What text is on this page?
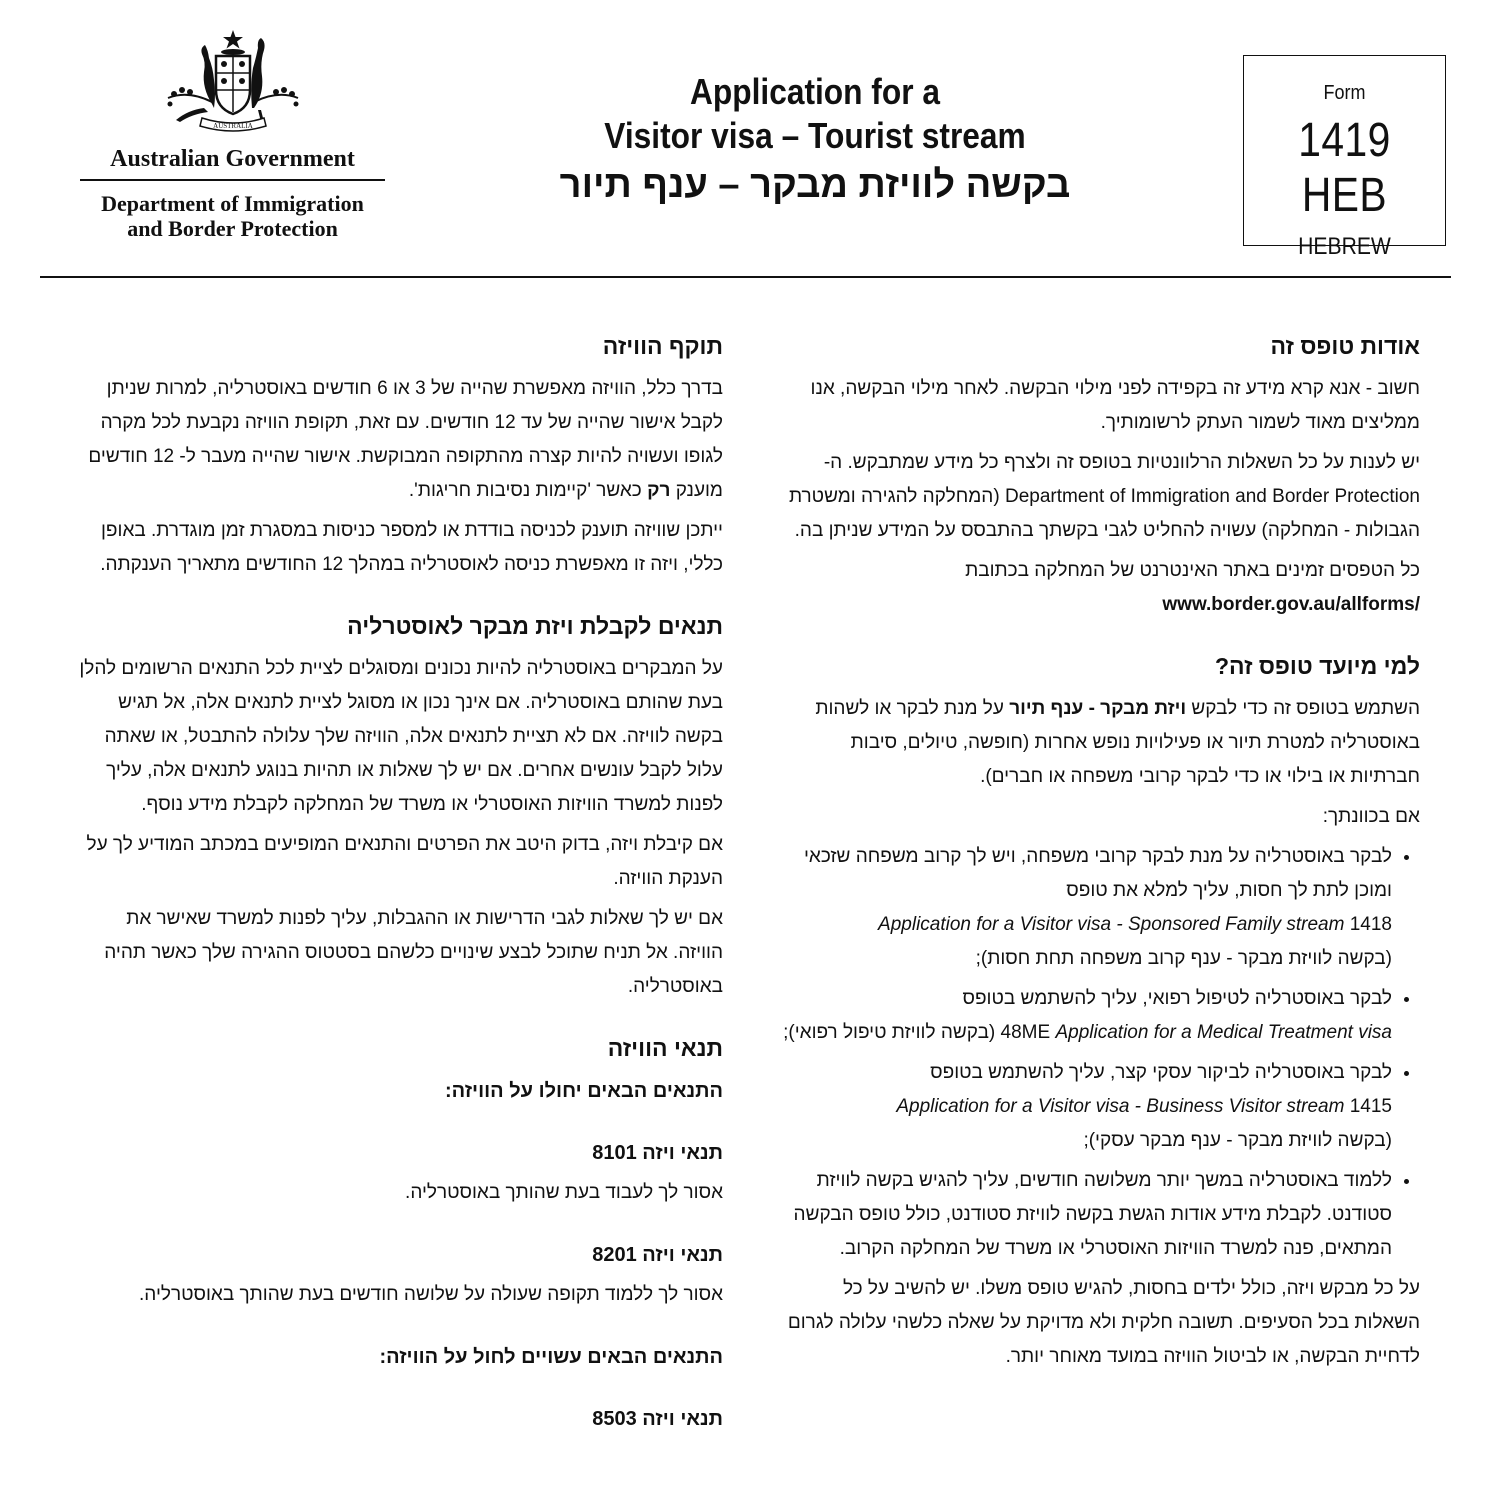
AUSTRALIA
Australian Government
Department of Immigration
and Border Protection
Application for a
Visitor visa – Tourist stream
בקשה לוויזת מבקר – ענף תיור
Form
1419 HEB
HEBREW
אודות טופס זה

חשוב - אנא קרא מידע זה בקפידה לפני מילוי הבקשה. לאחר מילוי הבקשה, אנו ממליצים מאוד לשמור העתק לרשומותיך.

יש לענות על כל השאלות הרלוונטיות בטופס זה ולצרף כל מידע שמתבקש. ה- Department of Immigration and Border Protection (המחלקה להגירה ומשטרת הגבולות - המחלקה) עשויה להחליט לגבי בקשתך בהתבסס על המידע שניתן בה.

כל הטפסים זמינים באתר האינטרנט של המחלקה בכתובת
www.border.gov.au/allforms/

למי מיועד טופס זה?

השתמש בטופס זה כדי לבקש ויזת מבקר - ענף תיור על מנת לבקר או לשהות באוסטרליה למטרת תיור או פעילויות נופש אחרות (חופשה, טיולים, סיבות חברתיות או בילוי או כדי לבקר קרובי משפחה או חברים).

אם בכוונתך:

• לבקר באוסטרליה על מנת לבקר קרובי משפחה, ויש לך קרוב משפחה שזכאי ומוכן לתת לך חסות, עליך למלא את טופס
1418 Application for a Visitor visa - Sponsored Family stream
(בקשה לוויזת מבקר - ענף קרוב משפחה תחת חסות);
• לבקר באוסטרליה לטיפול רפואי, עליך להשתמש בטופס
48ME Application for a Medical Treatment visa (בקשה לוויזת טיפול רפואי);
• לבקר באוסטרליה לביקור עסקי קצר, עליך להשתמש בטופס
1415 Application for a Visitor visa - Business Visitor stream
(בקשה לוויזת מבקר - ענף מבקר עסקי);
• ללמוד באוסטרליה במשך יותר משלושה חודשים, עליך להגיש בקשה לוויזת סטודנט. לקבלת מידע אודות הגשת בקשה לוויזת סטודנט, כולל טופס הבקשה המתאים, פנה למשרד הוויזות האוסטרלי או משרד של המחלקה הקרוב.

על כל מבקש ויזה, כולל ילדים בחסות, להגיש טופס משלו. יש להשיב על כל השאלות בכל הסעיפים. תשובה חלקית ולא מדויקת על שאלה כלשהי עלולה לגרום לדחיית הבקשה, או לביטול הוויזה במועד מאוחר יותר.

תוקף הוויזה

בדרך כלל, הוויזה מאפשרת שהייה של 3 או 6 חודשים באוסטרליה, למרות שניתן לקבל אישור שהייה של עד 12 חודשים. עם זאת, תקופת הוויזה נקבעת לכל מקרה לגופו ועשויה להיות קצרה מהתקופה המבוקשת. אישור שהייה מעבר ל- 12 חודשים מוענק רק כאשר 'קיימות נסיבות חריגות'.

ייתכן שוויזה תוענק לכניסה בודדת או למספר כניסות במסגרת זמן מוגדרת. באופן כללי, ויזה זו מאפשרת כניסה לאוסטרליה במהלך 12 החודשים מתאריך הענקתה.

תנאים לקבלת ויזת מבקר לאוסטרליה

על המבקרים באוסטרליה להיות נכונים ומסוגלים לציית לכל התנאים הרשומים להלן בעת שהותם באוסטרליה. אם אינך נכון או מסוגל לציית לתנאים אלה, אל תגיש בקשה לוויזה. אם לא תציית לתנאים אלה, הוויזה שלך עלולה להתבטל, או שאתה עלול לקבל עונשים אחרים. אם יש לך שאלות או תהיות בנוגע לתנאים אלה, עליך לפנות למשרד הוויזות האוסטרלי או משרד של המחלקה לקבלת מידע נוסף.

אם קיבלת ויזה, בדוק היטב את הפרטים והתנאים המופיעים במכתב המודיע לך על הענקת הוויזה.

אם יש לך שאלות לגבי הדרישות או ההגבלות, עליך לפנות למשרד שאישר את הוויזה. אל תניח שתוכל לבצע שינויים כלשהם בסטטוס ההגירה שלך כאשר תהיה באוסטרליה.

תנאי הוויזה

התנאים הבאים יחולו על הוויזה:

תנאי ויזה 8101

אסור לך לעבוד בעת שהותך באוסטרליה.

תנאי ויזה 8201

אסור לך ללמוד תקופה שעולה על שלושה חודשים בעת שהותך באוסטרליה.

התנאים הבאים עשויים לחול על הוויזה:

תנאי ויזה 8503
